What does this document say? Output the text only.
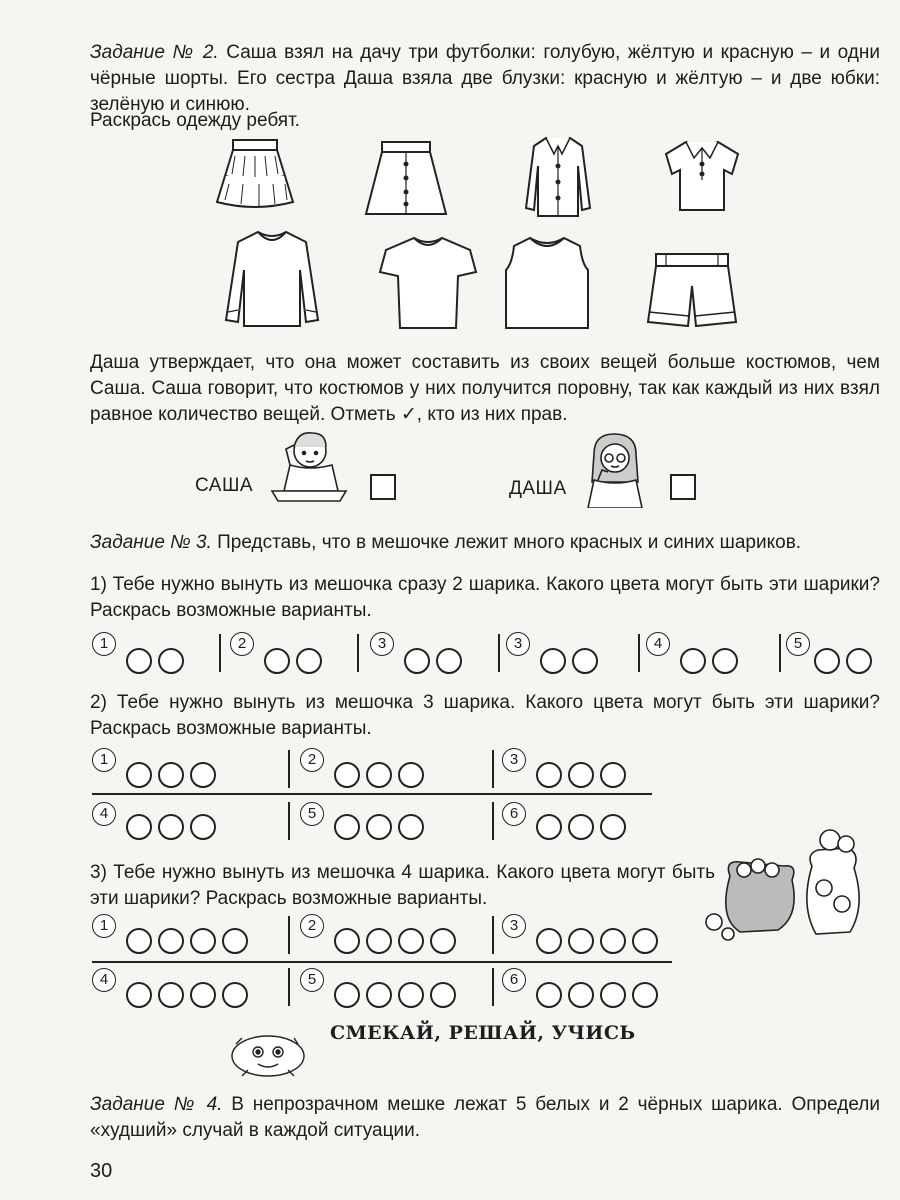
Задание № 2. Саша взял на дачу три футболки: голубую, жёлтую и красную – и одни чёрные шорты. Его сестра Даша взяла две блузки: красную и жёлтую – и две юбки: зелёную и синюю.
Раскрась одежду ребят.
Даша утверждает, что она может составить из своих вещей больше костюмов, чем Саша. Саша говорит, что костюмов у них получится поровну, так как каждый из них взял равное количество вещей. Отметь ✓, кто из них прав.
САША	ДАША
Задание № 3. Представь, что в мешочке лежит много красных и синих шариков.
1) Тебе нужно вынуть из мешочка сразу 2 шарика. Какого цвета могут быть эти шарики? Раскрась возможные варианты.
1	2	3	3	4	5
2) Тебе нужно вынуть из мешочка 3 шарика. Какого цвета могут быть эти шарики? Раскрась возможные варианты.
1	2	3
4	5	6
3) Тебе нужно вынуть из мешочка 4 шарика. Какого цвета могут быть эти шарики? Раскрась возможные варианты.
1	2	3
4	5	6
СМЕКАЙ, РЕШАЙ, УЧИСЬ
Задание № 4. В непрозрачном мешке лежат 5 белых и 2 чёрных шарика. Определи «худший» случай в каждой ситуации.
30
